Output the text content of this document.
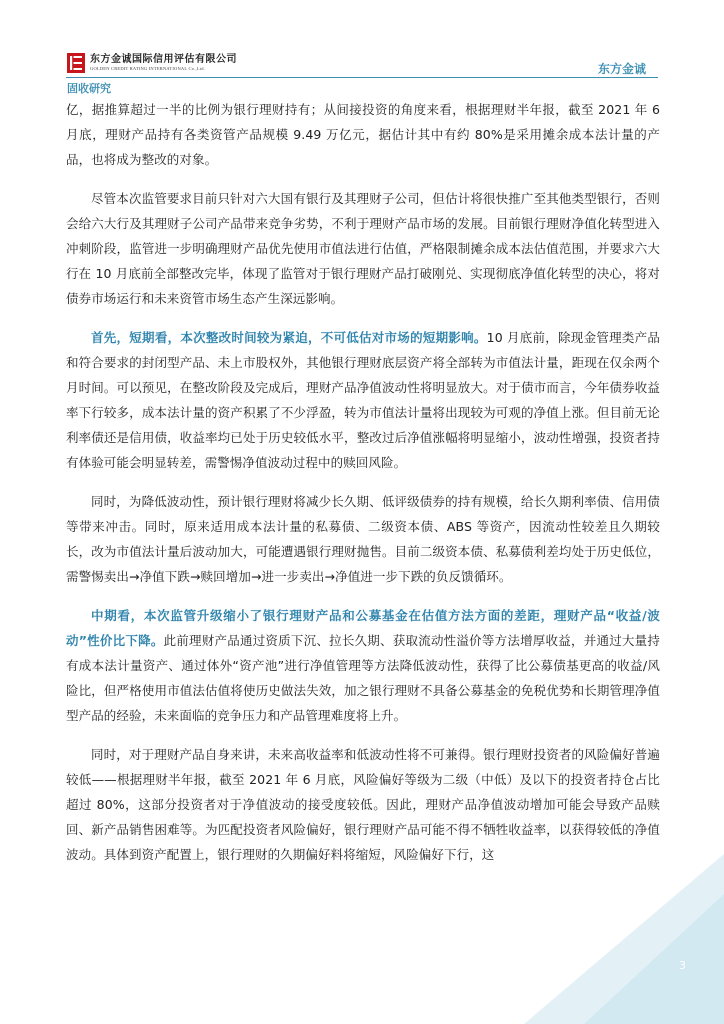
东方金诚国际信用评估有限公司
GOLDEN CREDIT RATING INTERNATIONAL Co.,Ltd.	东方金诚
固收研究

亿，据推算超过一半的比例为银行理财持有；从间接投资的角度来看，根据理财半年报，截至 2021 年 6 月底，理财产品持有各类资管产品规模 9.49 万亿元，据估计其中有约 80%是采用摊余成本法计量的产品，也将成为整改的对象。

尽管本次监管要求目前只针对六大国有银行及其理财子公司，但估计将很快推广至其他类型银行，否则会给六大行及其理财子公司产品带来竞争劣势，不利于理财产品市场的发展。目前银行理财净值化转型进入冲刺阶段，监管进一步明确理财产品优先使用市值法进行估值，严格限制摊余成本法估值范围，并要求六大行在 10 月底前全部整改完毕，体现了监管对于银行理财产品打破刚兑、实现彻底净值化转型的决心，将对债券市场运行和未来资管市场生态产生深远影响。

首先，短期看，本次整改时间较为紧迫，不可低估对市场的短期影响。10 月底前，除现金管理类产品和符合要求的封闭型产品、未上市股权外，其他银行理财底层资产将全部转为市值法计量，距现在仅余两个月时间。可以预见，在整改阶段及完成后，理财产品净值波动性将明显放大。对于债市而言，今年债券收益率下行较多，成本法计量的资产积累了不少浮盈，转为市值法计量将出现较为可观的净值上涨。但目前无论利率债还是信用债，收益率均已处于历史较低水平，整改过后净值涨幅将明显缩小，波动性增强，投资者持有体验可能会明显转差，需警惕净值波动过程中的赎回风险。

同时，为降低波动性，预计银行理财将减少长久期、低评级债券的持有规模，给长久期利率债、信用债等带来冲击。同时，原来适用成本法计量的私募债、二级资本债、ABS 等资产，因流动性较差且久期较长，改为市值法计量后波动加大，可能遭遇银行理财抛售。目前二级资本债、私募债利差均处于历史低位，需警惕卖出→净值下跌→赎回增加→进一步卖出→净值进一步下跌的负反馈循环。

中期看，本次监管升级缩小了银行理财产品和公募基金在估值方法方面的差距，理财产品“收益/波动”性价比下降。此前理财产品通过资质下沉、拉长久期、获取流动性溢价等方法增厚收益，并通过大量持有成本法计量资产、通过体外“资产池”进行净值管理等方法降低波动性，获得了比公募债基更高的收益/风险比，但严格使用市值法估值将使历史做法失效，加之银行理财不具备公募基金的免税优势和长期管理净值型产品的经验，未来面临的竞争压力和产品管理难度将上升。

同时，对于理财产品自身来讲，未来高收益率和低波动性将不可兼得。银行理财投资者的风险偏好普遍较低——根据理财半年报，截至 2021 年 6 月底，风险偏好等级为二级（中低）及以下的投资者持仓占比超过 80%，这部分投资者对于净值波动的接受度较低。因此，理财产品净值波动增加可能会导致产品赎回、新产品销售困难等。为匹配投资者风险偏好，银行理财产品可能不得不牺牲收益率，以获得较低的净值波动。具体到资产配置上，银行理财的久期偏好料将缩短，风险偏好下行，这

3
